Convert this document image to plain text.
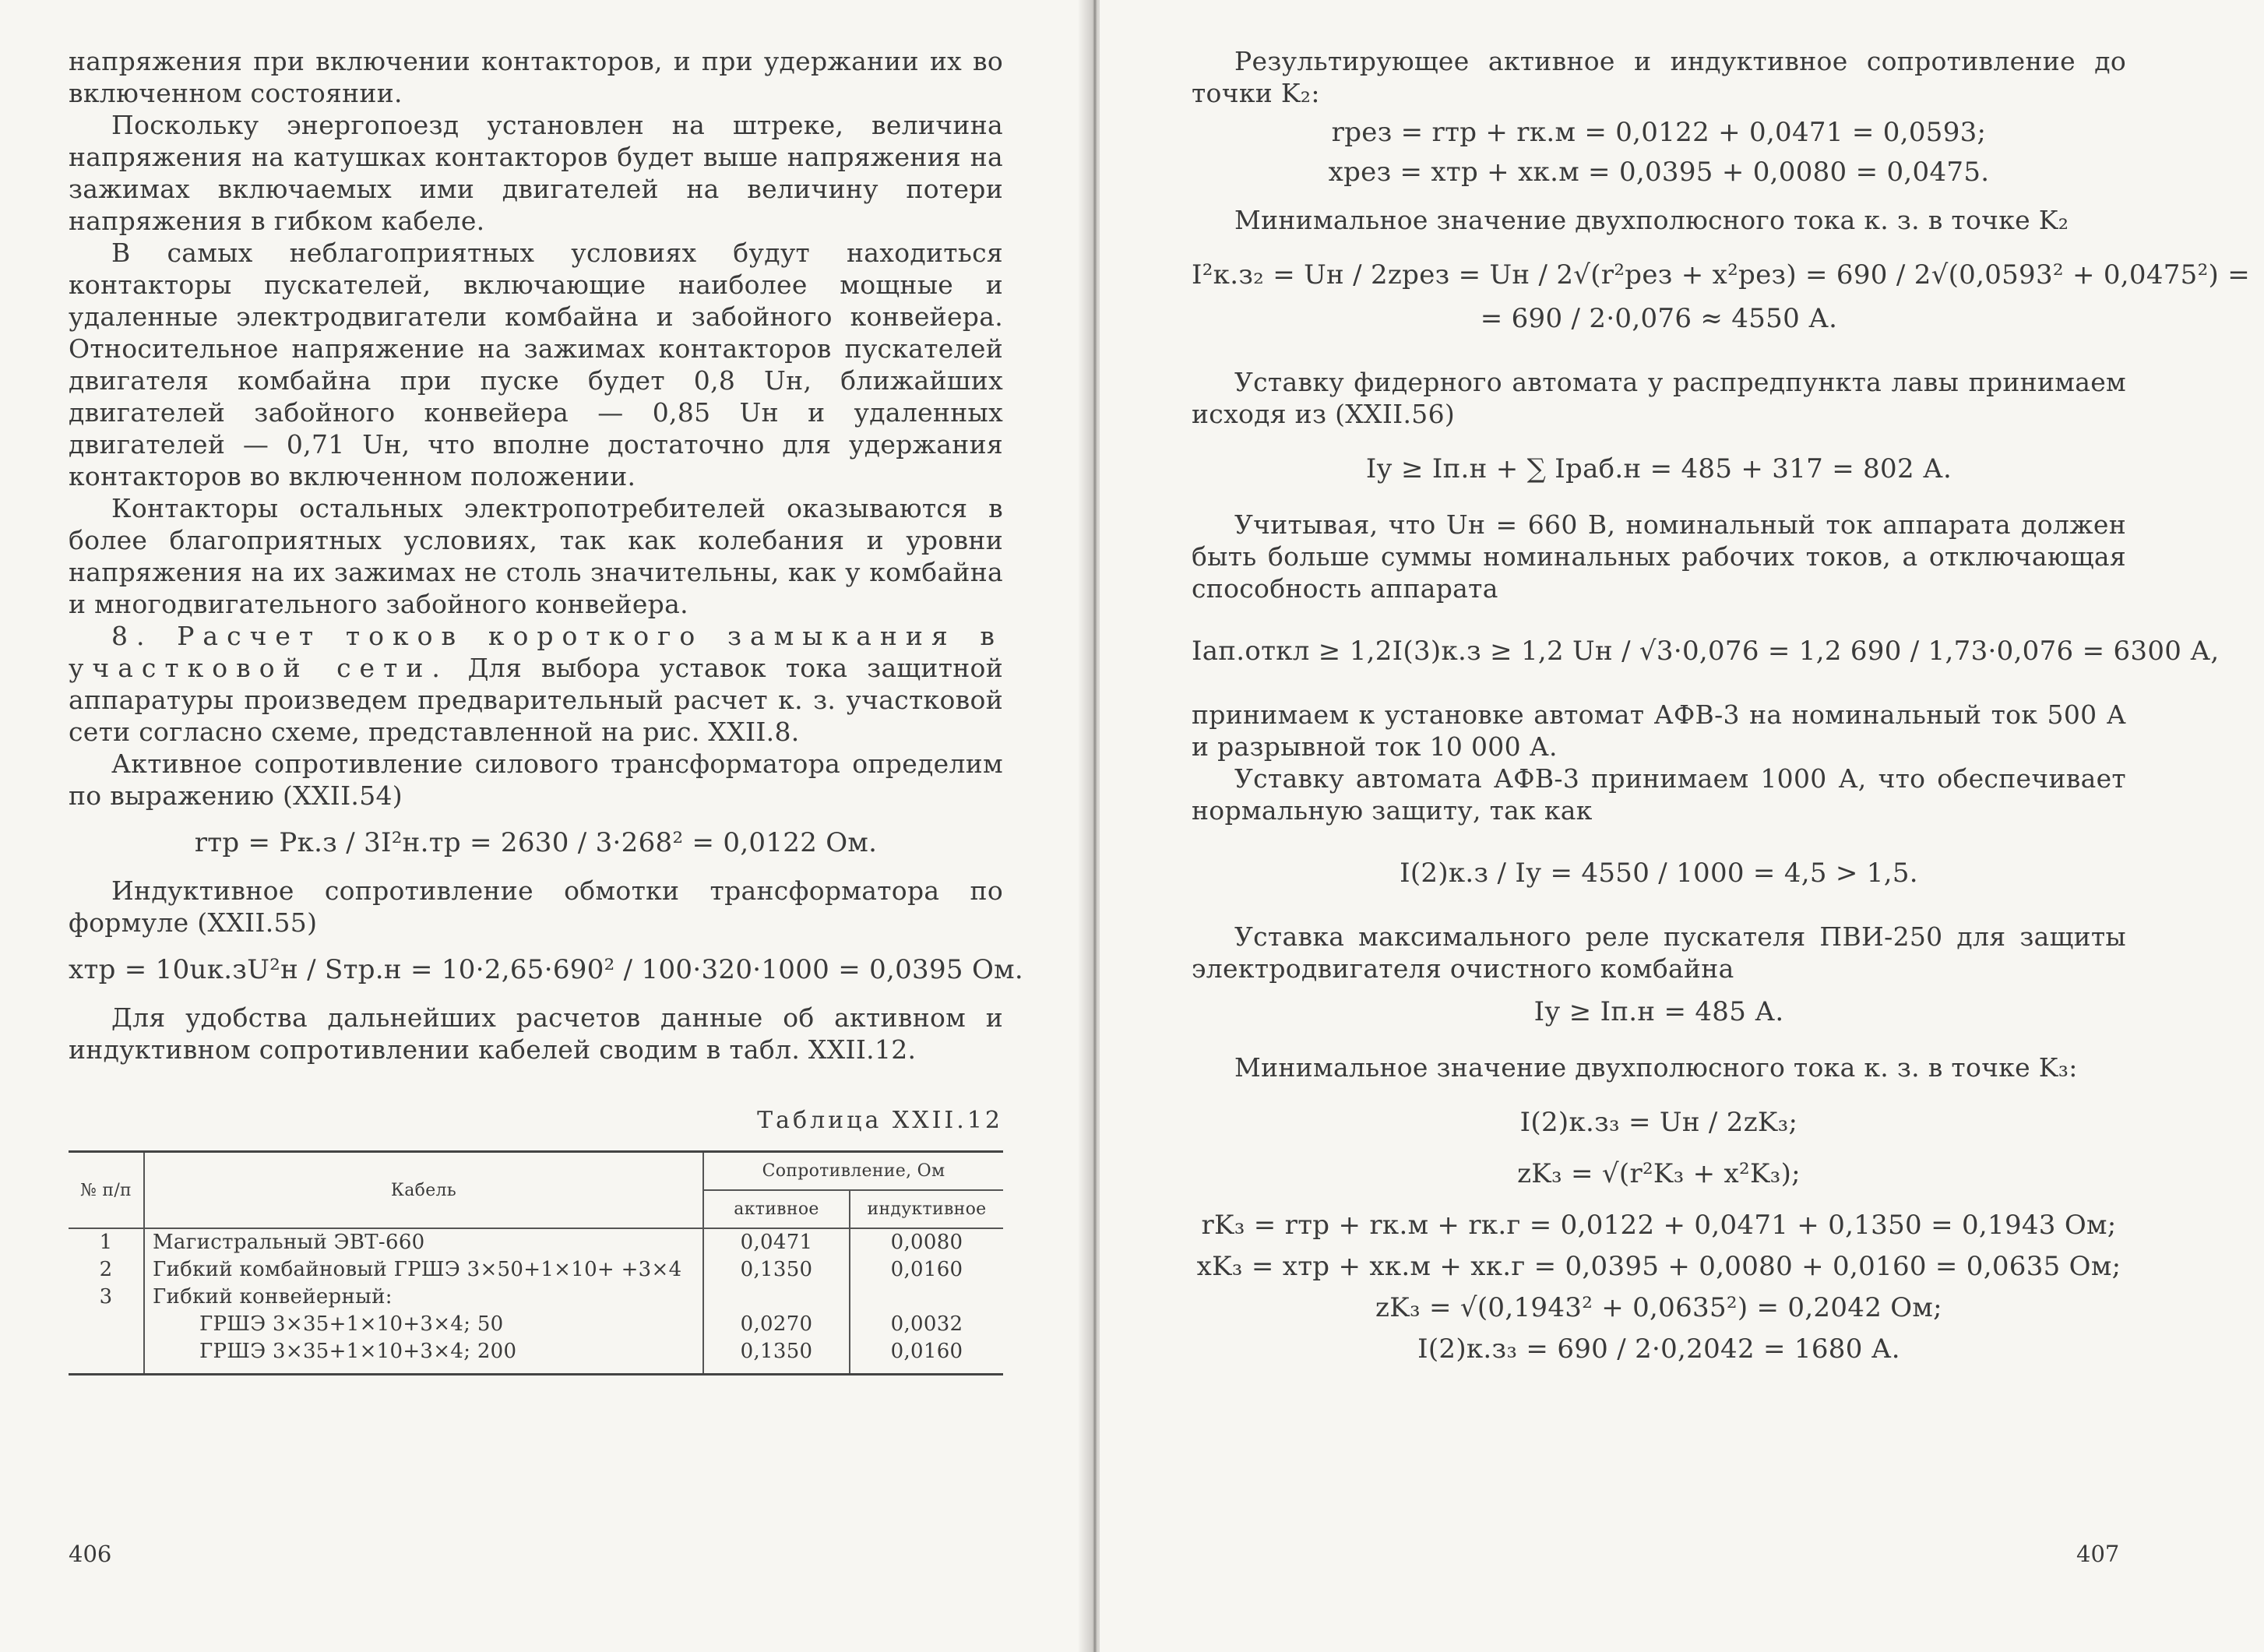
напряжения при включении контакторов, и при удержании их во включенном состоянии.

Поскольку энергопоезд установлен на штреке, величина напряжения на катушках контакторов будет выше напряжения на зажимах включаемых ими двигателей на величину потери напряжения в гибком кабеле.

В самых неблагоприятных условиях будут находиться контакторы пускателей, включающие наиболее мощные и удаленные электродвигатели комбайна и забойного конвейера. Относительное напряжение на зажимах контакторов пускателей двигателя комбайна при пуске будет 0,8 Uн, ближайших двигателей забойного конвейера — 0,85 Uн и удаленных двигателей — 0,71 Uн, что вполне достаточно для удержания контакторов во включенном положении.

Контакторы остальных электропотребителей оказываются в более благоприятных условиях, так как колебания и уровни напряжения на их зажимах не столь значительны, как у комбайна и многодвигательного забойного конвейера.

8. Расчет токов короткого замыкания в участковой сети. Для выбора уставок тока защитной аппаратуры произведем предварительный расчет к. з. участковой сети согласно схеме, представленной на рис. XXII.8.

Активное сопротивление силового трансформатора определим по выражению (XXII.54)

rтр = Pк.з / 3I²н.тр = 2630 / 3·268² = 0,0122 Ом.

Индуктивное сопротивление обмотки трансформатора по формуле (XXII.55)

xтр = 10uк.зU²н / Sтр.н = 10·2,65·690² / 100·320·1000 = 0,0395 Ом.

Для удобства дальнейших расчетов данные об активном и индуктивном сопротивлении кабелей сводим в табл. XXII.12.

Таблица XXII.12
№ п/п	Кабель	Сопротивление, Ом	
		активное	индуктивное
1	Магистральный ЭВТ-660	0,0471	0,0080
2	Гибкий комбайновый ГРШЭ 3×50+1×10+ +3×4	0,1350	0,0160
3	Гибкий конвейерный:		
	ГРШЭ 3×35+1×10+3×4; 50	0,0270	0,0032
	ГРШЭ 3×35+1×10+3×4; 200	0,1350	0,0160
406

Результирующее активное и индуктивное сопротивление до точки K₂:

rрез = rтр + rк.м = 0,0122 + 0,0471 = 0,0593;
xрез = xтр + xк.м = 0,0395 + 0,0080 = 0,0475.

Минимальное значение двухполюсного тока к. з. в точке K₂

I²к.з₂ = Uн / 2zрез = Uн / 2√(r²рез + x²рез) = 690 / 2√(0,0593² + 0,0475²) =
= 690 / 2·0,076 ≈ 4550 А.

Уставку фидерного автомата у распредпункта лавы принимаем исходя из (XXII.56)

Iу ≥ Iп.н + ∑ Iраб.н = 485 + 317 = 802 А.

Учитывая, что Uн = 660 В, номинальный ток аппарата должен быть больше суммы номинальных рабочих токов, а отключающая способность аппарата

Iап.откл ≥ 1,2I(3)к.з ≥ 1,2 Uн / √3·0,076 = 1,2 690 / 1,73·0,076 = 6300 А,

принимаем к установке автомат АФВ-3 на номинальный ток 500 А и разрывной ток 10 000 А.

Уставку автомата АФВ-3 принимаем 1000 А, что обеспечивает нормальную защиту, так как

I(2)к.з / Iу = 4550 / 1000 = 4,5 > 1,5.

Уставка максимального реле пускателя ПВИ-250 для защиты электродвигателя очистного комбайна

Iу ≥ Iп.н = 485 А.

Минимальное значение двухполюсного тока к. з. в точке K₃:

I(2)к.з₃ = Uн / 2zK₃;
zK₃ = √(r²K₃ + x²K₃);
rK₃ = rтр + rк.м + rк.г = 0,0122 + 0,0471 + 0,1350 = 0,1943 Ом;
xK₃ = xтр + xк.м + xк.г = 0,0395 + 0,0080 + 0,0160 = 0,0635 Ом;
zK₃ = √(0,1943² + 0,0635²) = 0,2042 Ом;
I(2)к.з₃ = 690 / 2·0,2042 = 1680 А.
407
